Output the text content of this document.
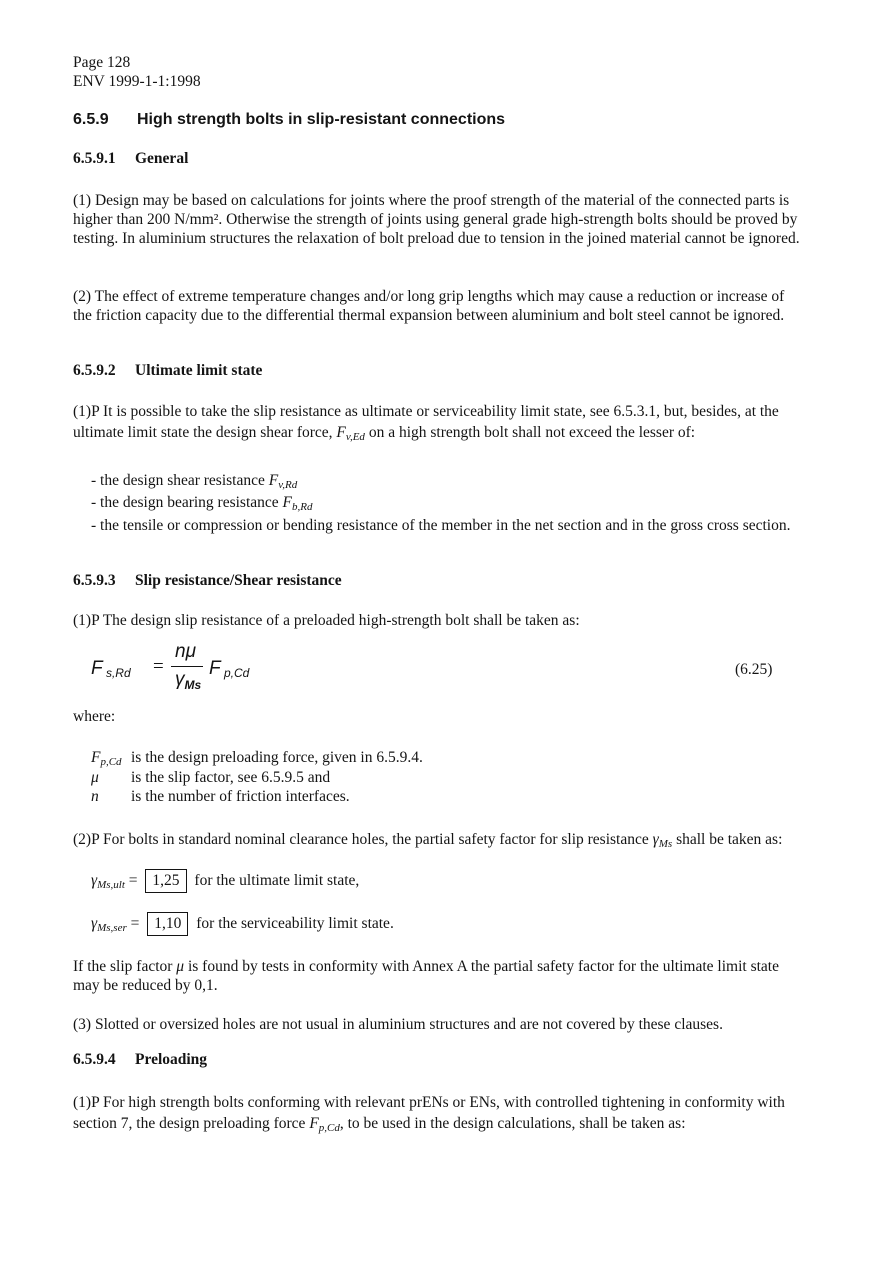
Page 128
ENV 1999-1-1:1998
6.5.9 High strength bolts in slip-resistant connections
6.5.9.1 General
(1) Design may be based on calculations for joints where the proof strength of the material of the connected parts is higher than 200 N/mm². Otherwise the strength of joints using general grade high-strength bolts should be proved by testing. In aluminium structures the relaxation of bolt preload due to tension in the joined material cannot be ignored.
(2) The effect of extreme temperature changes and/or long grip lengths which may cause a reduction or increase of the friction capacity due to the differential thermal expansion between aluminium and bolt steel cannot be ignored.
6.5.9.2 Ultimate limit state
(1)P It is possible to take the slip resistance as ultimate or serviceability limit state, see 6.5.3.1, but, besides, at the ultimate limit state the design shear force, $F_{v,Ed}$ on a high strength bolt shall not exceed the lesser of:
- the design shear resistance $F_{v,Rd}$
- the design bearing resistance $F_{b,Rd}$
- the tensile or compression or bending resistance of the member in the net section and in the gross cross section.
6.5.9.3 Slip resistance/Shear resistance
(1)P The design slip resistance of a preloaded high-strength bolt shall be taken as:
F s,Rd =
nμ
$\gamma_{Ms}$
F p,Cd	(6.25)
where:
$F_{p,Cd}$ is the design preloading force, given in 6.5.9.4.
μ is the slip factor, see 6.5.9.5 and
n is the number of friction interfaces.
(2)P For bolts in standard nominal clearance holes, the partial safety factor for slip resistance $\gamma_{Ms}$ shall be taken as:
$\gamma_{Ms,ult} = 1,25$ for the ultimate limit state,
$\gamma_{Ms,ser} = 1,10$ for the serviceability limit state.
If the slip factor μ is found by tests in conformity with Annex A the partial safety factor for the ultimate limit state may be reduced by 0,1.
(3) Slotted or oversized holes are not usual in aluminium structures and are not covered by these clauses.
6.5.9.4 Preloading
(1)P For high strength bolts conforming with relevant prENs or ENs, with controlled tightening in conformity with section 7, the design preloading force $F_{p,Cd}$, to be used in the design calculations, shall be taken as:
